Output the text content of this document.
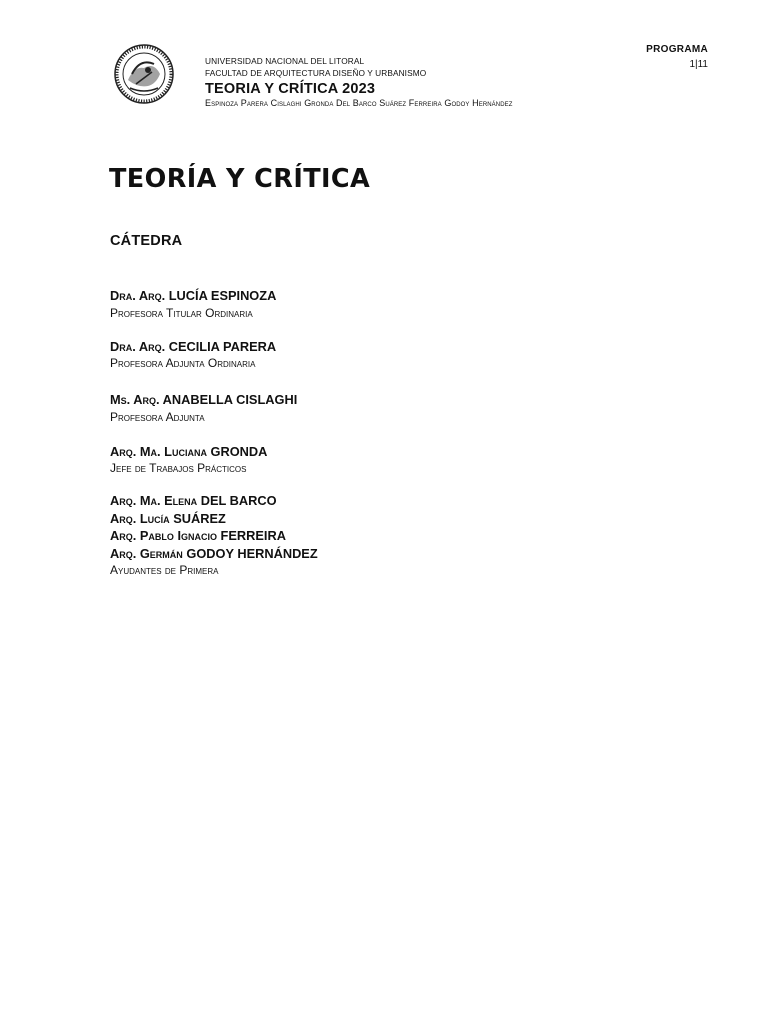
UNIVERSIDAD NACIONAL DEL LITORAL
FACULTAD DE ARQUITECTURA DISEÑO Y URBANISMO
TEORIA Y CRÍTICA 2023
Espinoza Parera Cislaghi Gronda Del Barco Suárez Ferreira Godoy Hernández
PROGRAMA
1|11
TEORÍA Y CRÍTICA
CÁTEDRA
Dra. Arq. LUCÍA ESPINOZA
Profesora Titular Ordinaria
Dra. Arq. CECILIA PARERA
Profesora Adjunta Ordinaria
Ms. Arq. ANABELLA CISLAGHI
Profesora Adjunta
Arq. Ma. Luciana GRONDA
Jefe de Trabajos Prácticos
Arq. Ma. Elena DEL BARCO
Arq. Lucía SUÁREZ
Arq. Pablo Ignacio FERREIRA
Arq. Germán GODOY HERNÁNDEZ
Ayudantes de Primera
